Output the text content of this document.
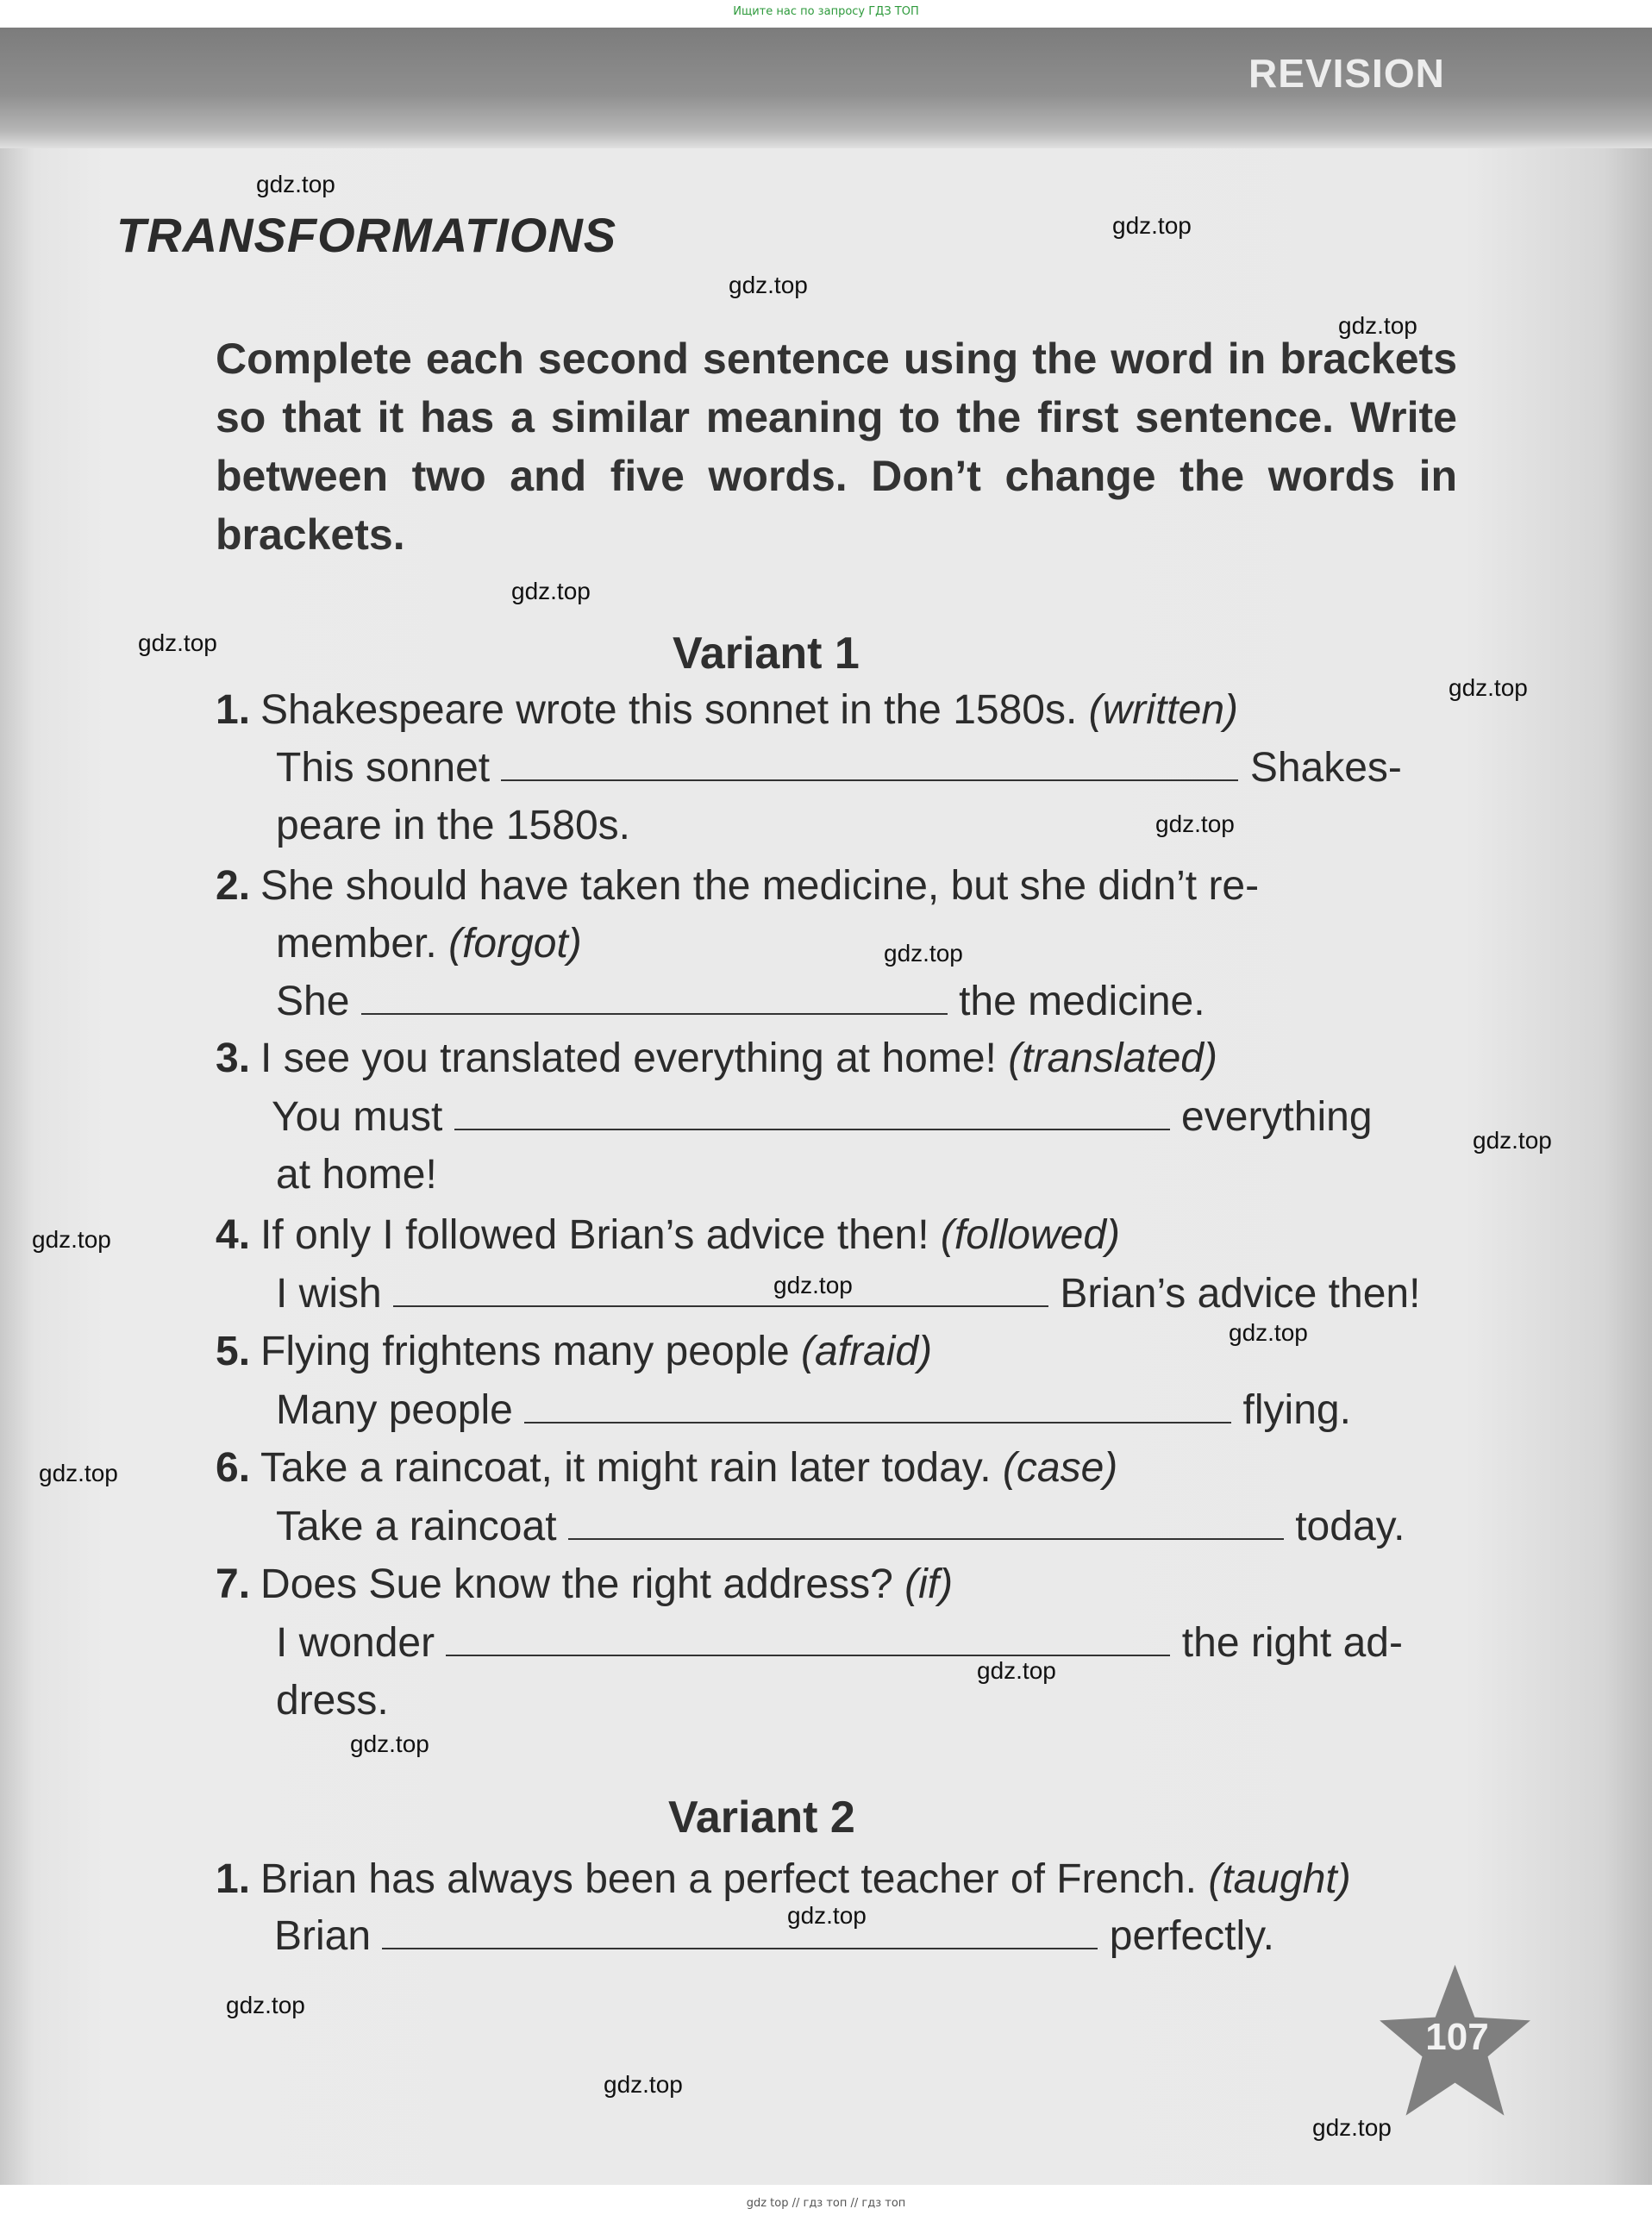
Ищите нас по запросу ГДЗ ТОП
REVISION
TRANSFORMATIONS
Complete each second sentence using the word in brackets so that it has a similar meaning to the first sentence. Write between two and five words. Don’t change the words in brackets.
Variant 1
1. Shakespeare wrote this sonnet in the 1580s. (written)
This sonnet	Shakes-
peare in the 1580s.
2. She should have taken the medicine, but she didn’t re-
member. (forgot)
She	the medicine.
3. I see you translated everything at home! (translated)
You must	everything
at home!
4. If only I followed Brian’s advice then! (followed)
I wish	Brian’s advice then!
5. Flying frightens many people (afraid)
Many people	flying.
6. Take a raincoat, it might rain later today. (case)
Take a raincoat	today.
7. Does Sue know the right address? (if)
I wonder	the right ad-
dress.
Variant 2
1. Brian has always been a perfect teacher of French. (taught)
Brian	perfectly.
107
gdz.top
gdz.top
gdz.top
gdz.top
gdz.top
gdz.top
gdz.top
gdz.top
gdz.top
gdz.top
gdz.top
gdz.top
gdz.top
gdz.top
gdz.top
gdz.top
gdz.top
gdz.top
gdz.top
gdz.top
gdz top // гдз топ // гдз топ
